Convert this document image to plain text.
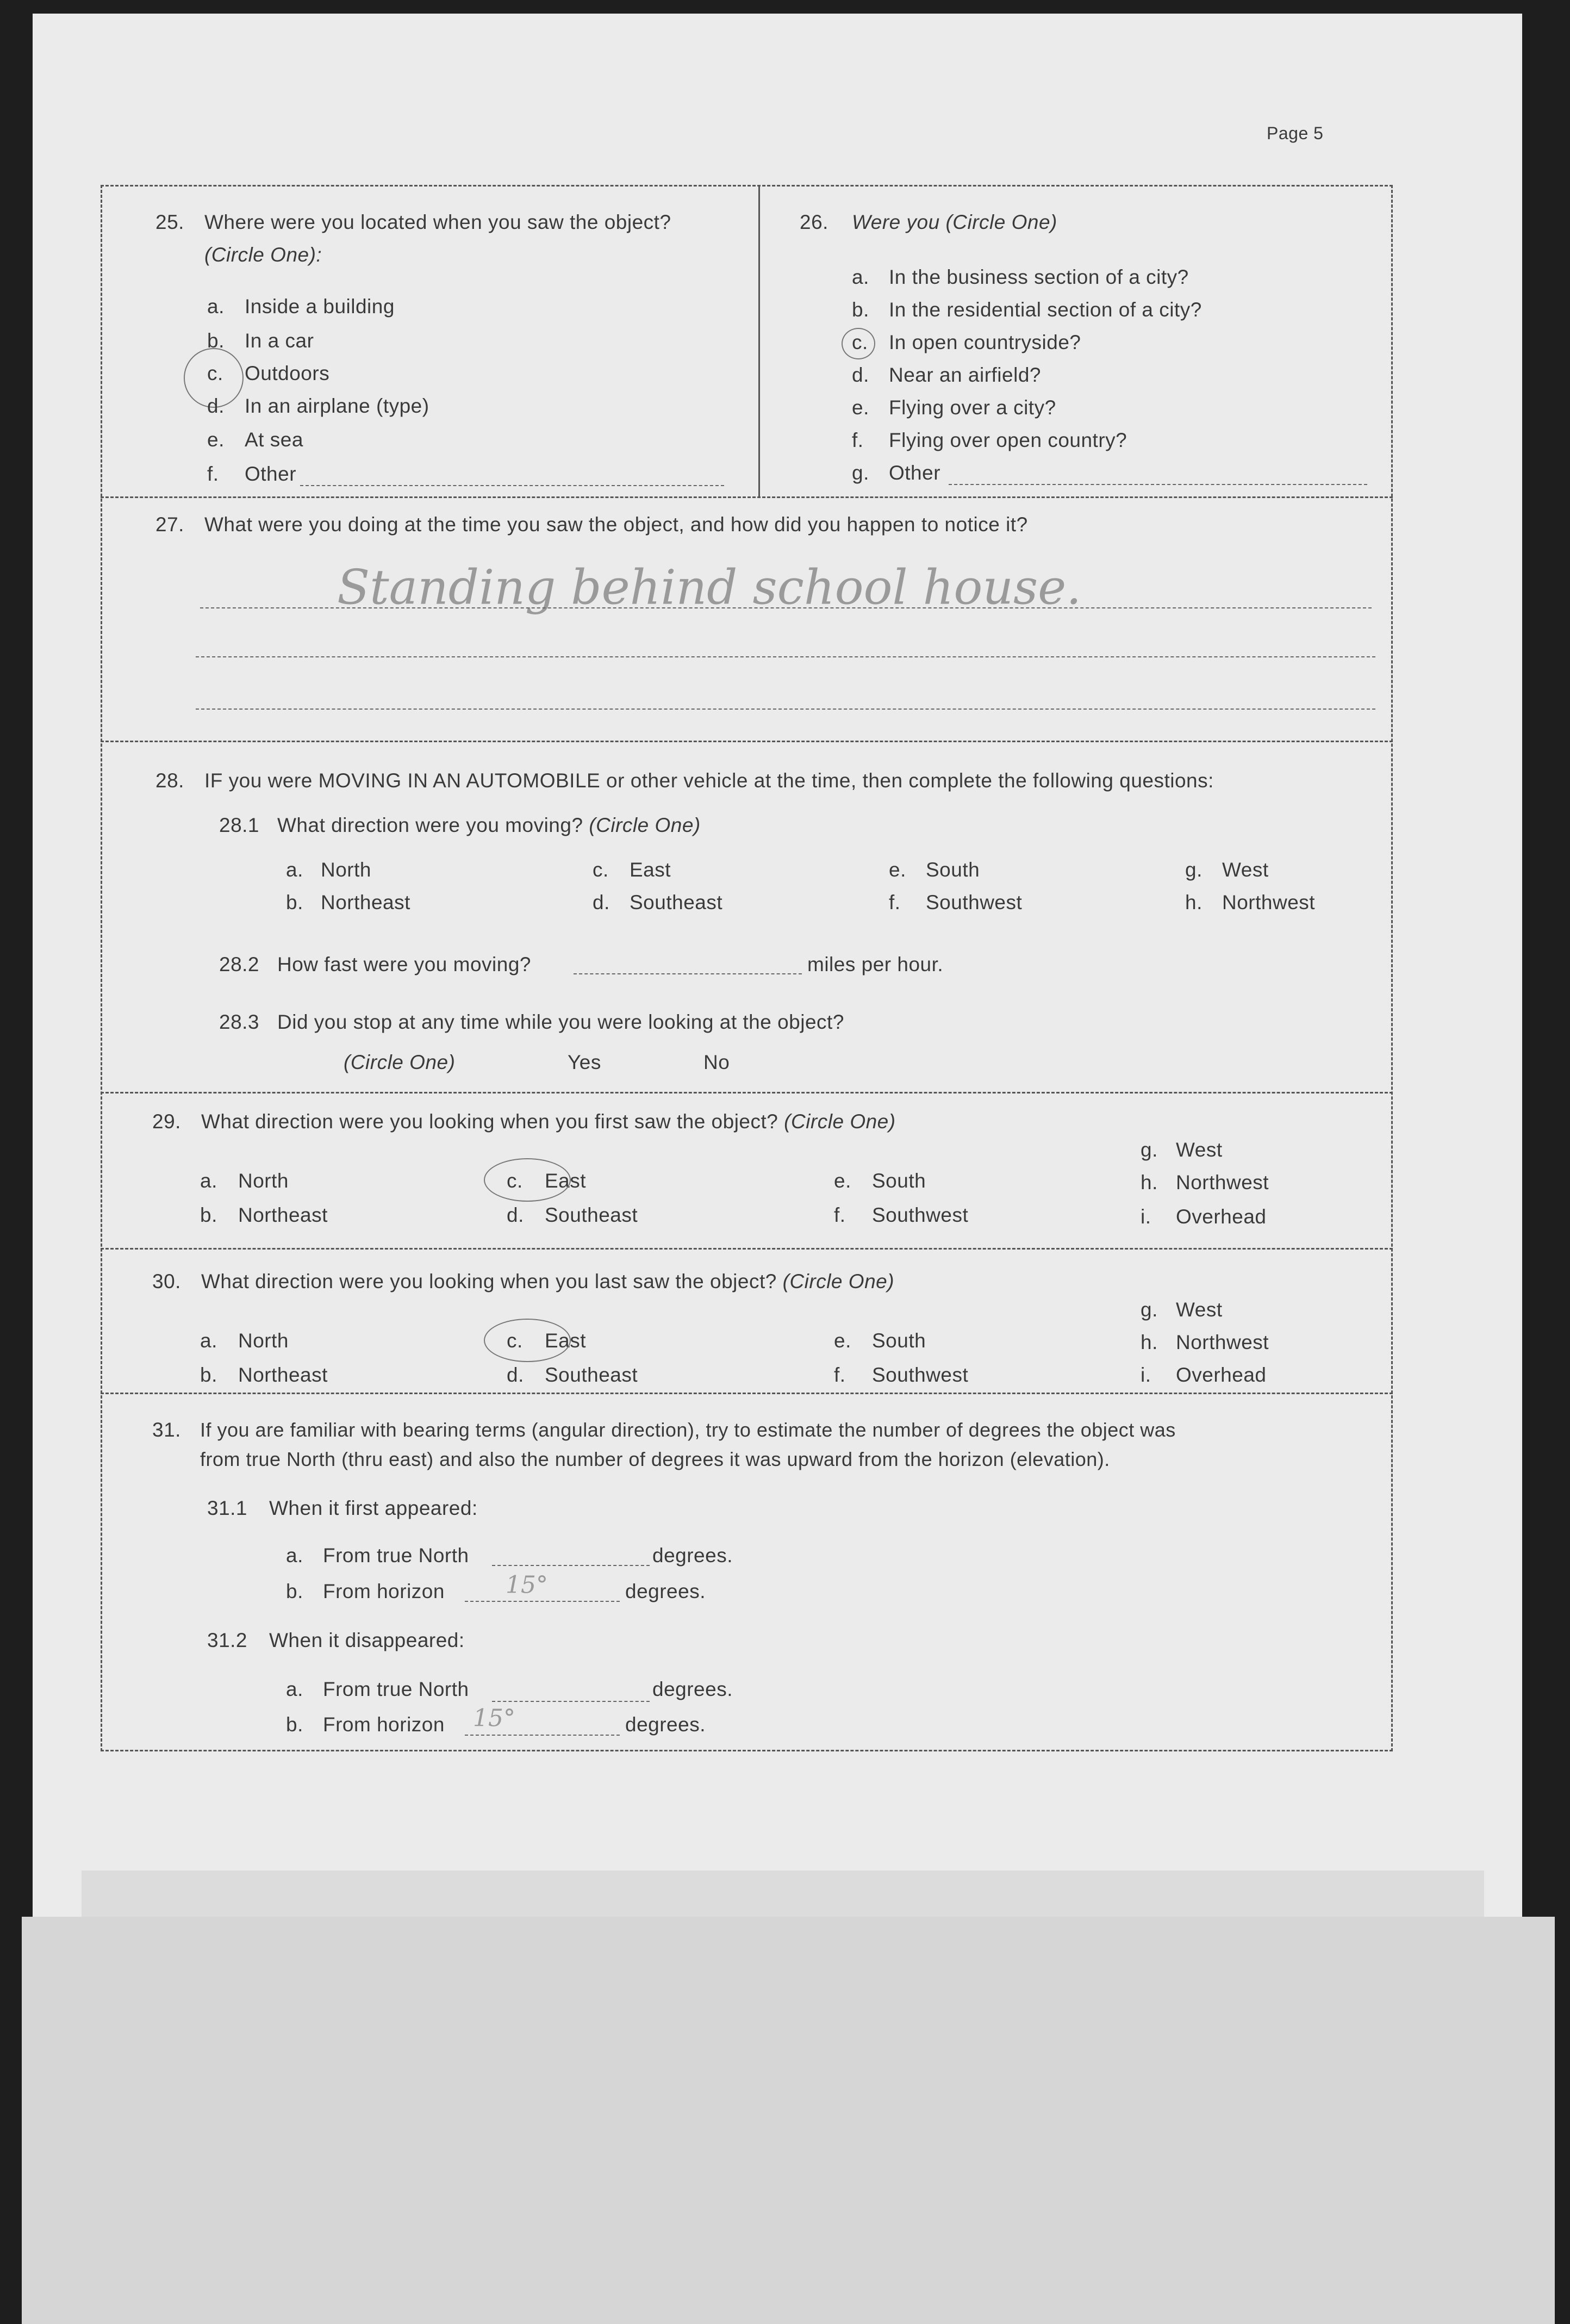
Page 5
25. Where were you located when you saw the object?
(Circle One):
a. Inside a building
b. In a car
c. Outdoors
d. In an airplane (type)
e. At sea
f. Other
26. Were you (Circle One)
a. In the business section of a city?
b. In the residential section of a city?
c. In open countryside?
d. Near an airfield?
e. Flying over a city?
f. Flying over open country?
g. Other
27. What were you doing at the time you saw the object, and how did you happen to notice it?
Standing behind school house.
28. IF you were MOVING IN AN AUTOMOBILE or other vehicle at the time, then complete the following questions:
28.1 What direction were you moving? (Circle One)
a. North
b. Northeast
c. East
d. Southeast
e. South
f. Southwest
g. West
h. Northwest
28.2 How fast were you moving?	miles per hour.
28.3 Did you stop at any time while you were looking at the object?
(Circle One)	Yes	No
29. What direction were you looking when you first saw the object? (Circle One)
a. North
b. Northeast
c. East
d. Southeast
e. South
f. Southwest
g. West
h. Northwest
i. Overhead
30. What direction were you looking when you last saw the object? (Circle One)
a. North
b. Northeast
c. East
d. Southeast
e. South
f. Southwest
g. West
h. Northwest
i. Overhead
31. If you are familiar with bearing terms (angular direction), try to estimate the number of degrees the object was
from true North (thru east) and also the number of degrees it was upward from the horizon (elevation).
31.1 When it first appeared:
a. From true North	degrees.
b. From horizon	15°	degrees.
31.2 When it disappeared:
a. From true North	degrees.
b. From horizon 15°	degrees.
